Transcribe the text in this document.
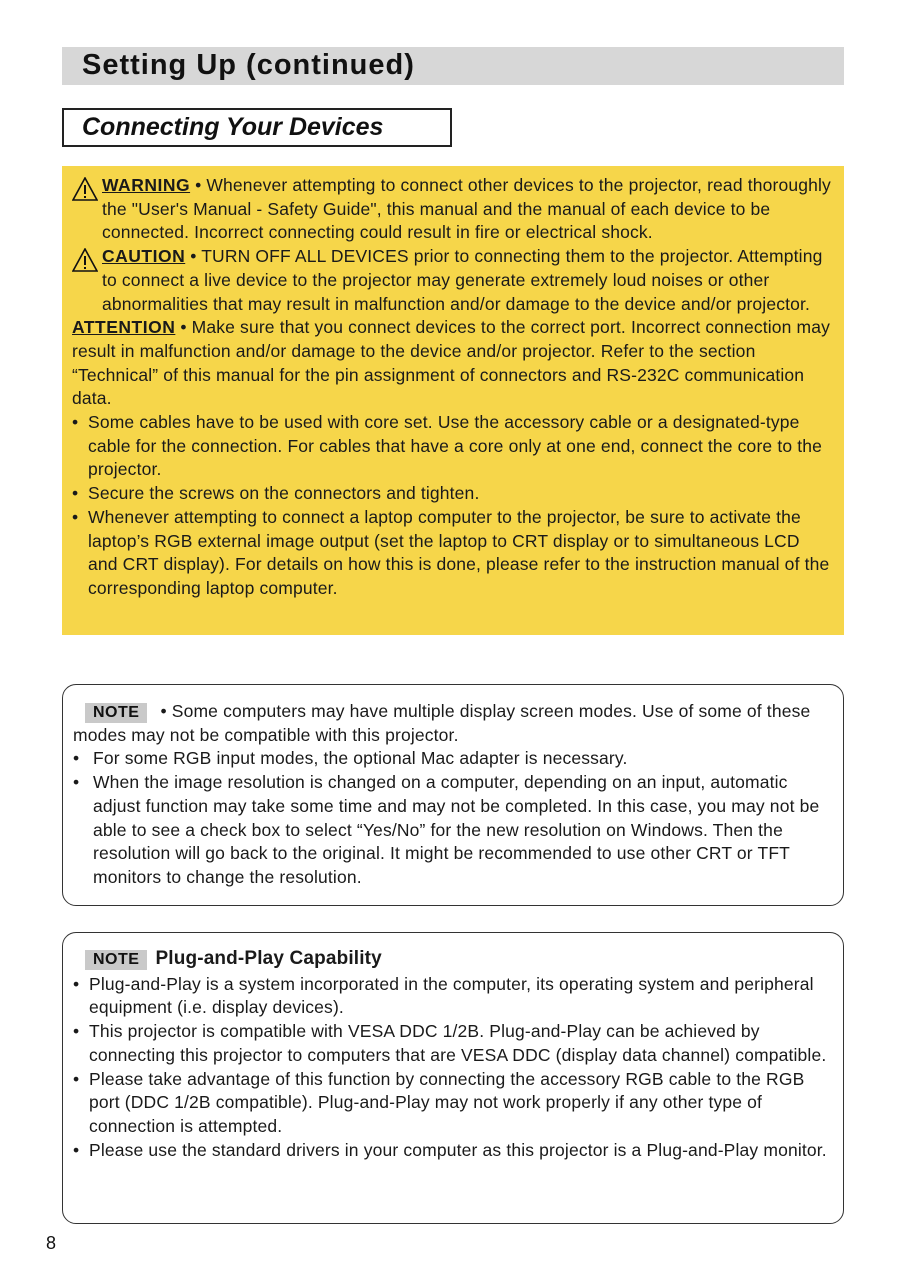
Setting Up (continued)
Connecting Your Devices

WARNING • Whenever attempting to connect other devices to the projector, read thoroughly the "User's Manual - Safety Guide", this manual and the manual of each device to be connected. Incorrect connecting could result in fire or electrical shock.

CAUTION • TURN OFF ALL DEVICES prior to connecting them to the projector. Attempting to connect a live device to the projector may generate extremely loud noises or other abnormalities that may result in malfunction and/or damage to the device and/or projector.

ATTENTION • Make sure that you connect devices to the correct port. Incorrect connection may result in malfunction and/or damage to the device and/or projector. Refer to the section “Technical” of this manual for the pin assignment of connectors and RS-232C communication data.

• Some cables have to be used with core set. Use the accessory cable or a designated-type cable for the connection. For cables that have a core only at one end, connect the core to the projector.
• Secure the screws on the connectors and tighten.
• Whenever attempting to connect a laptop computer to the projector, be sure to activate the laptop’s RGB external image output (set the laptop to CRT display or to simultaneous LCD and CRT display). For details on how this is done, please refer to the instruction manual of the corresponding laptop computer.

NOTE • Some computers may have multiple display screen modes. Use of some of these modes may not be compatible with this projector.

• For some RGB input modes, the optional Mac adapter is necessary.
• When the image resolution is changed on a computer, depending on an input, automatic adjust function may take some time and may not be completed. In this case, you may not be able to see a check box to select “Yes/No” for the new resolution on Windows. Then the resolution will go back to the original. It might be recommended to use other CRT or TFT monitors to change the resolution.

NOTE Plug-and-Play Capability

• Plug-and-Play is a system incorporated in the computer, its operating system and peripheral equipment (i.e. display devices).
• This projector is compatible with VESA DDC 1/2B. Plug-and-Play can be achieved by connecting this projector to computers that are VESA DDC (display data channel) compatible.
• Please take advantage of this function by connecting the accessory RGB cable to the RGB port (DDC 1/2B compatible). Plug-and-Play may not work properly if any other type of connection is attempted.
• Please use the standard drivers in your computer as this projector is a Plug-and-Play monitor.
8
